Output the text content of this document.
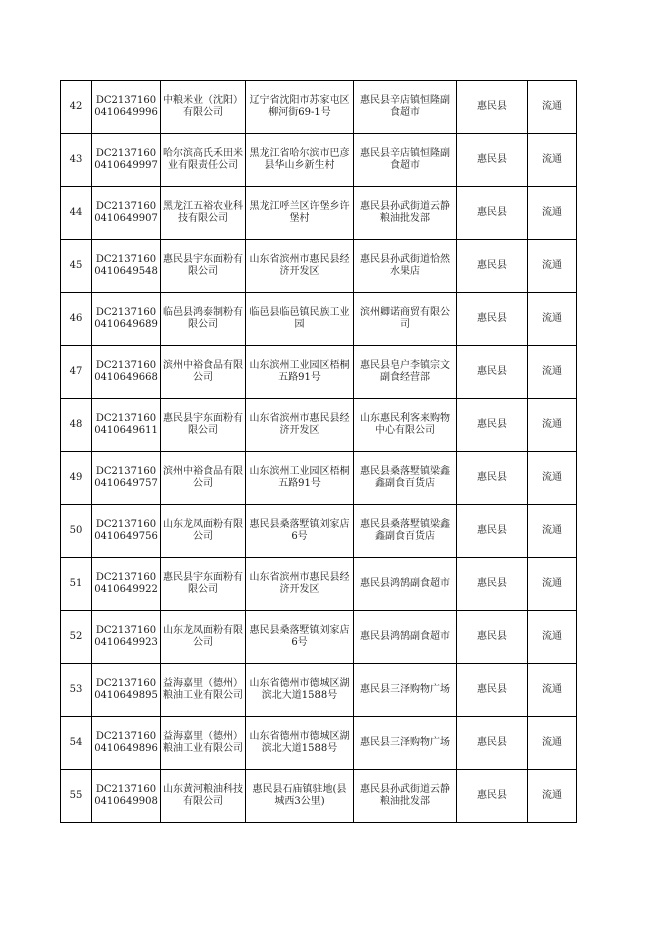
42	DC21371600410649996	中粮米业（沈阳）有限公司	辽宁省沈阳市苏家屯区柳河街69-1号	惠民县辛店镇恒隆副食超市	惠民县	流通
43	DC21371600410649997	哈尔滨高氏禾田米业有限责任公司	黑龙江省哈尔滨市巴彦县华山乡新生村	惠民县辛店镇恒隆副食超市	惠民县	流通
44	DC21371600410649907	黑龙江五裕农业科技有限公司	黑龙江呼兰区许堡乡许堡村	惠民县孙武街道云静粮油批发部	惠民县	流通
45	DC21371600410649548	惠民县宇东面粉有限公司	山东省滨州市惠民县经济开发区	惠民县孙武街道恰然水果店	惠民县	流通
46	DC21371600410649689	临邑县鸿泰制粉有限公司	临邑县临邑镇民族工业园	滨州卿诺商贸有限公司	惠民县	流通
47	DC21371600410649668	滨州中裕食品有限公司	山东滨州工业园区梧桐五路91号	惠民县皂户李镇宗文副食经营部	惠民县	流通
48	DC21371600410649611	惠民县宇东面粉有限公司	山东省滨州市惠民县经济开发区	山东惠民利客来购物中心有限公司	惠民县	流通
49	DC21371600410649757	滨州中裕食品有限公司	山东滨州工业园区梧桐五路91号	惠民县桑落墅镇梁鑫鑫副食百货店	惠民县	流通
50	DC21371600410649756	山东龙凤面粉有限公司	惠民县桑落墅镇刘家店6号	惠民县桑落墅镇梁鑫鑫副食百货店	惠民县	流通
51	DC21371600410649922	惠民县宇东面粉有限公司	山东省滨州市惠民县经济开发区	惠民县鸿鹄副食超市	惠民县	流通
52	DC21371600410649923	山东龙凤面粉有限公司	惠民县桑落墅镇刘家店6号	惠民县鸿鹄副食超市	惠民县	流通
53	DC21371600410649895	益海嘉里（德州）粮油工业有限公司	山东省德州市德城区湖滨北大道1588号	惠民县三泽购物广场	惠民县	流通
54	DC21371600410649896	益海嘉里（德州）粮油工业有限公司	山东省德州市德城区湖滨北大道1588号	惠民县三泽购物广场	惠民县	流通
55	DC21371600410649908	山东黄河粮油科技有限公司	惠民县石庙镇驻地(县城西3公里)	惠民县孙武街道云静粮油批发部	惠民县	流通
